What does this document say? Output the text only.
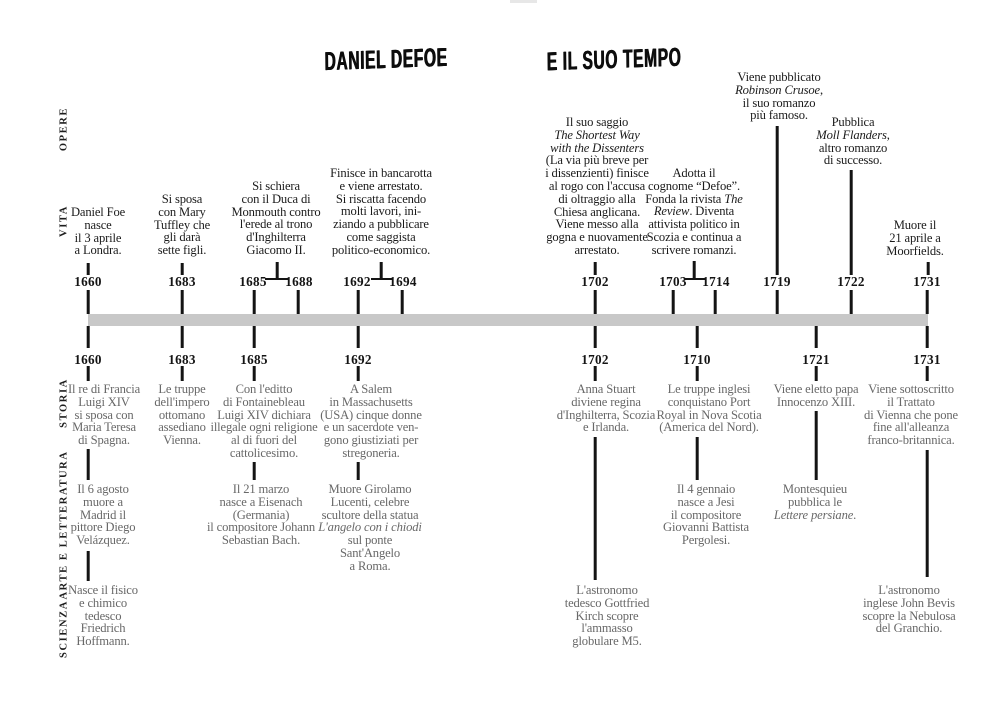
DANIEL DEFOE	E IL SUO TEMPO
1660	1683	1685 1688 1692 1694	1702	1703 1714	1719	1722	1731
1660	1683	1685	1692	1702	1710	1721	1731
Daniel Foe
nasce
il 3 aprile
a Londra.
Si sposa
con Mary
Tuffley che
gli darà
sette figli.
Si schiera
con il Duca di
Monmouth contro
l'erede al trono
d'Inghilterra
Giacomo II.
Finisce in bancarotta
e viene arrestato.
Si riscatta facendo
molti lavori, ini-
ziando a pubblicare
come saggista
politico-economico.
Il suo saggio
The Shortest Way
with the Dissenters
(La via più breve per
i dissenzienti) finisce
al rogo con l'accusa
di oltraggio alla
Chiesa anglicana.
Viene messo alla
gogna e nuovamente
arrestato.
Adotta il
cognome “Defoe”.
Fonda la rivista The
Review. Diventa
attivista politico in
Scozia e continua a
scrivere romanzi.
Viene pubblicato
Robinson Crusoe,
il suo romanzo
più famoso.	Pubblica
Moll Flanders,
altro romanzo
di successo.
Muore il
21 aprile a
Moorfields.
Il re di Francia
Luigi XIV
si sposa con
Maria Teresa
di Spagna.
Le truppe
dell'impero
ottomano
assediano
Vienna.
Con l'editto
di Fontainebleau
Luigi XIV dichiara
illegale ogni religione
al di fuori del
cattolicesimo.
A Salem
in Massachusetts
(USA) cinque donne
e un sacerdote ven-
gono giustiziati per
stregoneria.
Anna Stuart
diviene regina
d'Inghilterra, Scozia
e Irlanda.
Le truppe inglesi
conquistano Port
Royal in Nova Scotia
(America del Nord).
Viene eletto papa
Innocenzo XIII.
Viene sottoscritto
il Trattato
di Vienna che pone
fine all'alleanza
franco-britannica.
Il 6 agosto
muore a
Madrid il
pittore Diego
Velázquez.
Il 21 marzo
nasce a Eisenach
(Germania)
il compositore Johann
Sebastian Bach.
Muore Girolamo
Lucenti, celebre
scultore della statua
L'angelo con i chiodi
sul ponte
Sant'Angelo
a Roma.
Il 4 gennaio
nasce a Jesi
il compositore
Giovanni Battista
Pergolesi.
Montesquieu
pubblica le
Lettere persiane.
Nasce il fisico
e chimico
tedesco
Friedrich
Hoffmann.
L'astronomo
tedesco Gottfried
Kirch scopre
l'ammasso
globulare M5.
L'astronomo
inglese John Bevis
scopre la Nebulosa
del Granchio.
OPERE
VITA
STORIA
ARTE E LETTERATURA
SCIENZA
